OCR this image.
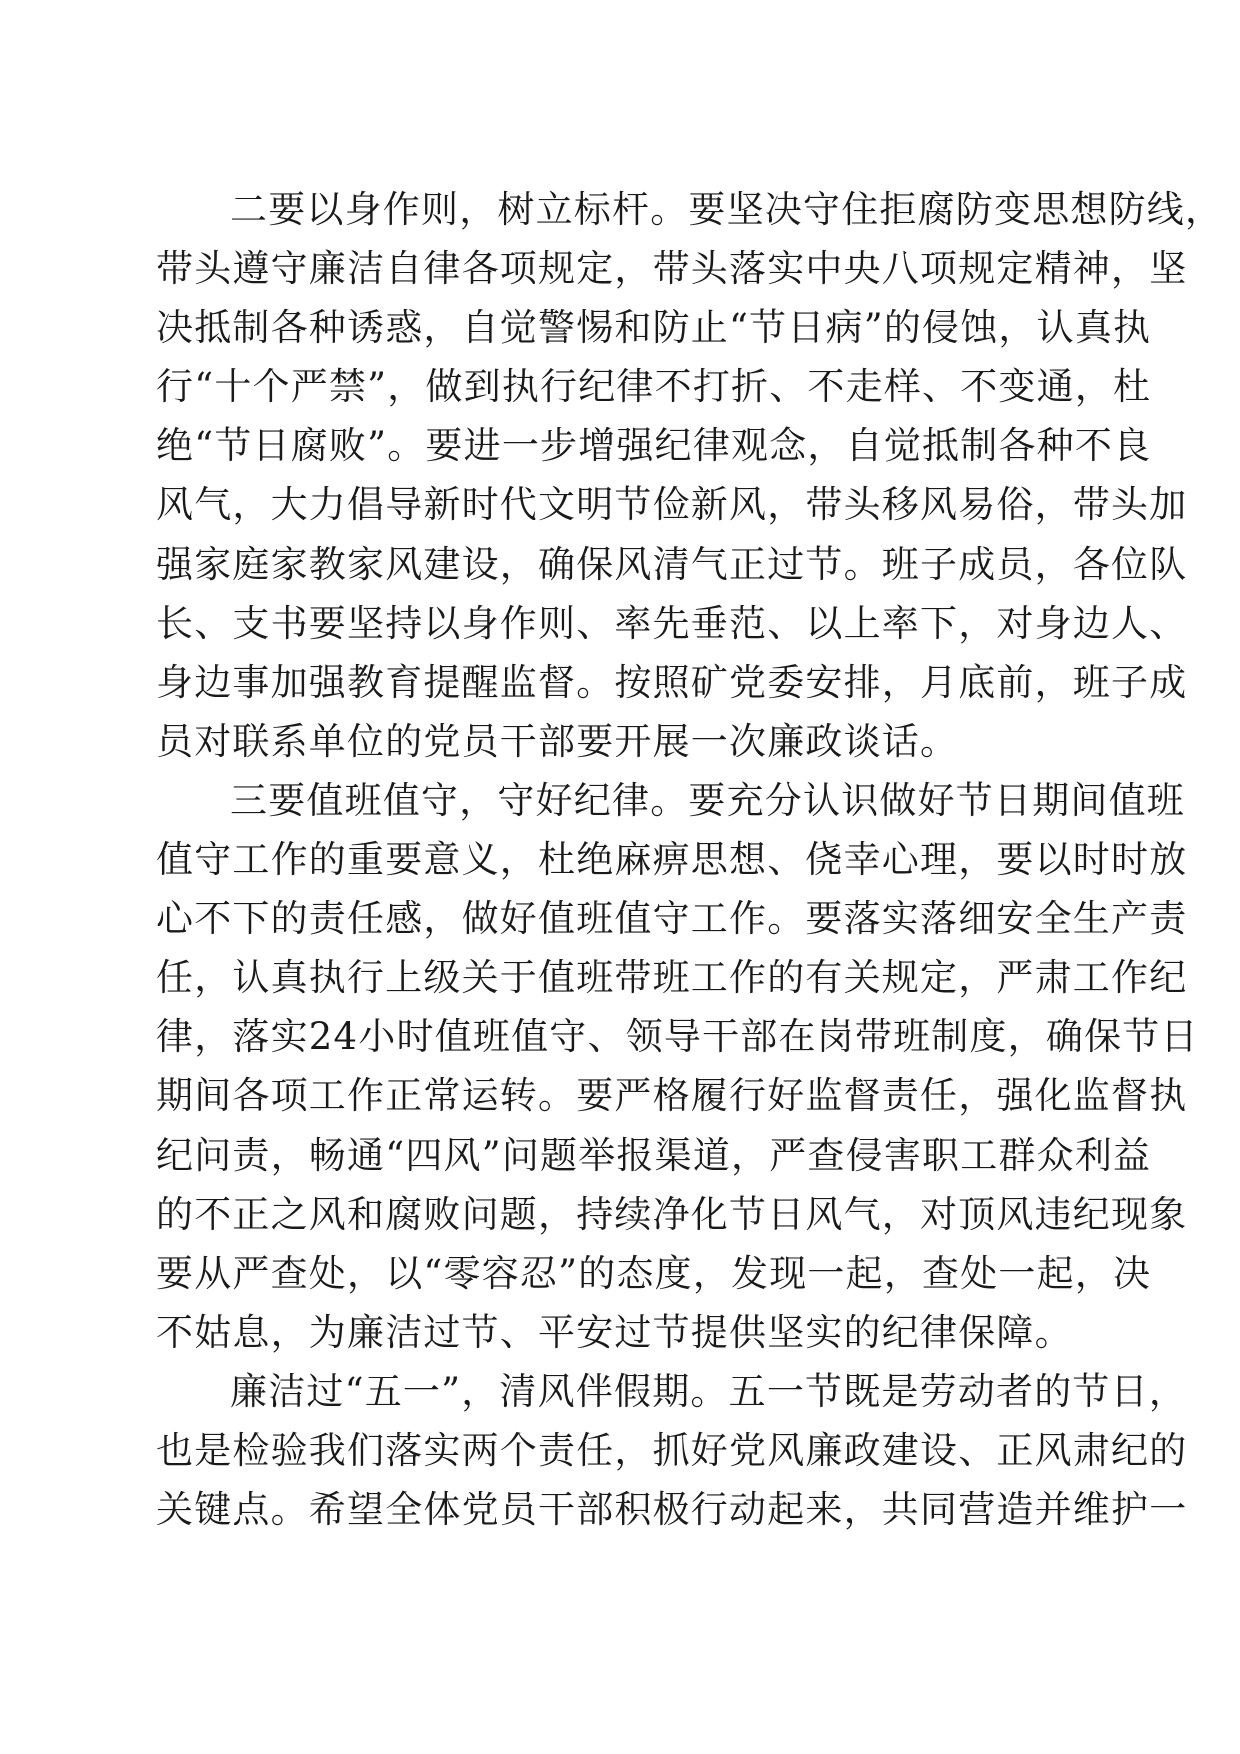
二要以身作则，树立标杆。要坚决守住拒腐防变思想防线，
带头遵守廉洁自律各项规定，带头落实中央八项规定精神，坚
决抵制各种诱惑，自觉警惕和防止“节日病”的侵蚀，认真执
行“十个严禁”，做到执行纪律不打折、不走样、不变通，杜
绝“节日腐败”。要进一步增强纪律观念，自觉抵制各种不良
风气，大力倡导新时代文明节俭新风，带头移风易俗，带头加
强家庭家教家风建设，确保风清气正过节。班子成员，各位队
长、支书要坚持以身作则、率先垂范、以上率下，对身边人、
身边事加强教育提醒监督。按照矿党委安排，月底前，班子成
员对联系单位的党员干部要开展一次廉政谈话。
三要值班值守，守好纪律。要充分认识做好节日期间值班
值守工作的重要意义，杜绝麻痹思想、侥幸心理，要以时时放
心不下的责任感，做好值班值守工作。要落实落细安全生产责
任，认真执行上级关于值班带班工作的有关规定，严肃工作纪
律，落实24小时值班值守、领导干部在岗带班制度，确保节日
期间各项工作正常运转。要严格履行好监督责任，强化监督执
纪问责，畅通“四风”问题举报渠道，严查侵害职工群众利益
的不正之风和腐败问题，持续净化节日风气，对顶风违纪现象
要从严查处，以“零容忍”的态度，发现一起，查处一起，决
不姑息，为廉洁过节、平安过节提供坚实的纪律保障。
廉洁过“五一”，清风伴假期。五一节既是劳动者的节日，
也是检验我们落实两个责任，抓好党风廉政建设、正风肃纪的
关键点。希望全体党员干部积极行动起来，共同营造并维护一
